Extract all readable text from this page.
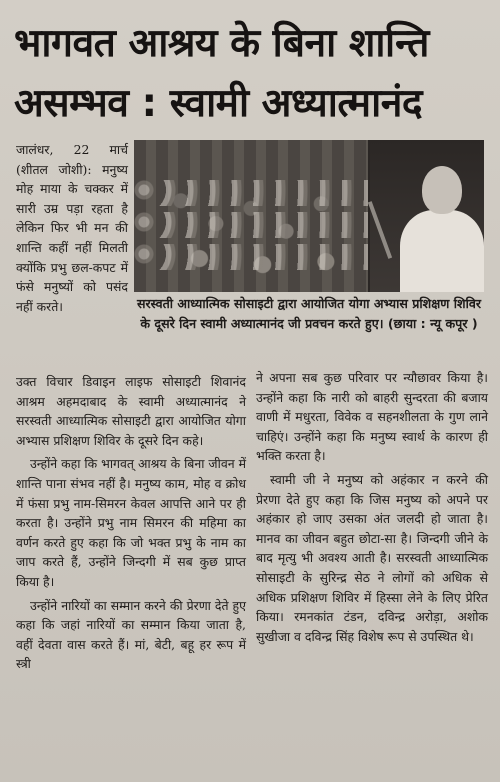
भागवत आश्रय के बिना शान्ति
असम्भव : स्वामी अध्यात्मानंद

जालंधर, 22 मार्च (शीतल जोशी): मनुष्य मोह माया के चक्कर में सारी उम्र पड़ा रहता है लेकिन फिर भी मन की शान्ति कहीं नहीं मिलती क्योंकि प्रभु छल-कपट में फंसे मनुष्यों को पसंद नहीं करते।	सरस्वती आध्यात्मिक सोसाइटी द्वारा आयोजित योगा अभ्यास प्रशिक्षण शिविर के दूसरे दिन स्वामी अध्यात्मानंद जी प्रवचन करते हुए। (छाया : न्यू कपूर )

उक्त विचार डिवाइन लाइफ सोसाइटी शिवानंद आश्रम अहमदाबाद के स्वामी अध्यात्मानंद ने सरस्वती आध्यात्मिक सोसाइटी द्वारा आयोजित योगा अभ्यास प्रशिक्षण शिविर के दूसरे दिन कहे।

उन्होंने कहा कि भागवत् आश्रय के बिना जीवन में शान्ति पाना संभव नहीं है। मनुष्य काम, मोह व क्रोध में फंसा प्रभु नाम-सिमरन केवल आपत्ति आने पर ही करता है। उन्होंने प्रभु नाम सिमरन की महिमा का वर्णन करते हुए कहा कि जो भक्त प्रभु के नाम का जाप करते हैं, उन्होंने जिन्दगी में सब कुछ प्राप्त किया है।

उन्होंने नारियों का सम्मान करने की प्रेरणा देते हुए कहा कि जहां नारियों का सम्मान किया जाता है, वहीं देवता वास करते हैं। मां, बेटी, बहू हर रूप में स्त्री

ने अपना सब कुछ परिवार पर न्यौछावर किया है। उन्होंने कहा कि नारी को बाहरी सुन्दरता की बजाय वाणी में मधुरता, विवेक व सहनशीलता के गुण लाने चाहिएं। उन्होंने कहा कि मनुष्य स्वार्थ के कारण ही भक्ति करता है।

स्वामी जी ने मनुष्य को अहंकार न करने की प्रेरणा देते हुए कहा कि जिस मनुष्य को अपने पर अहंकार हो जाए उसका अंत जलदी हो जाता है। मानव का जीवन बहुत छोटा-सा है। जिन्दगी जीने के बाद मृत्यु भी अवश्य आती है। सरस्वती आध्यात्मिक सोसाइटी के सुरिन्द्र सेठ ने लोगों को अधिक से अधिक प्रशिक्षण शिविर में हिस्सा लेने के लिए प्रेरित किया। रमनकांत टंडन, दविन्द्र अरोड़ा, अशोक सुखीजा व दविन्द्र सिंह विशेष रूप से उपस्थित थे।
